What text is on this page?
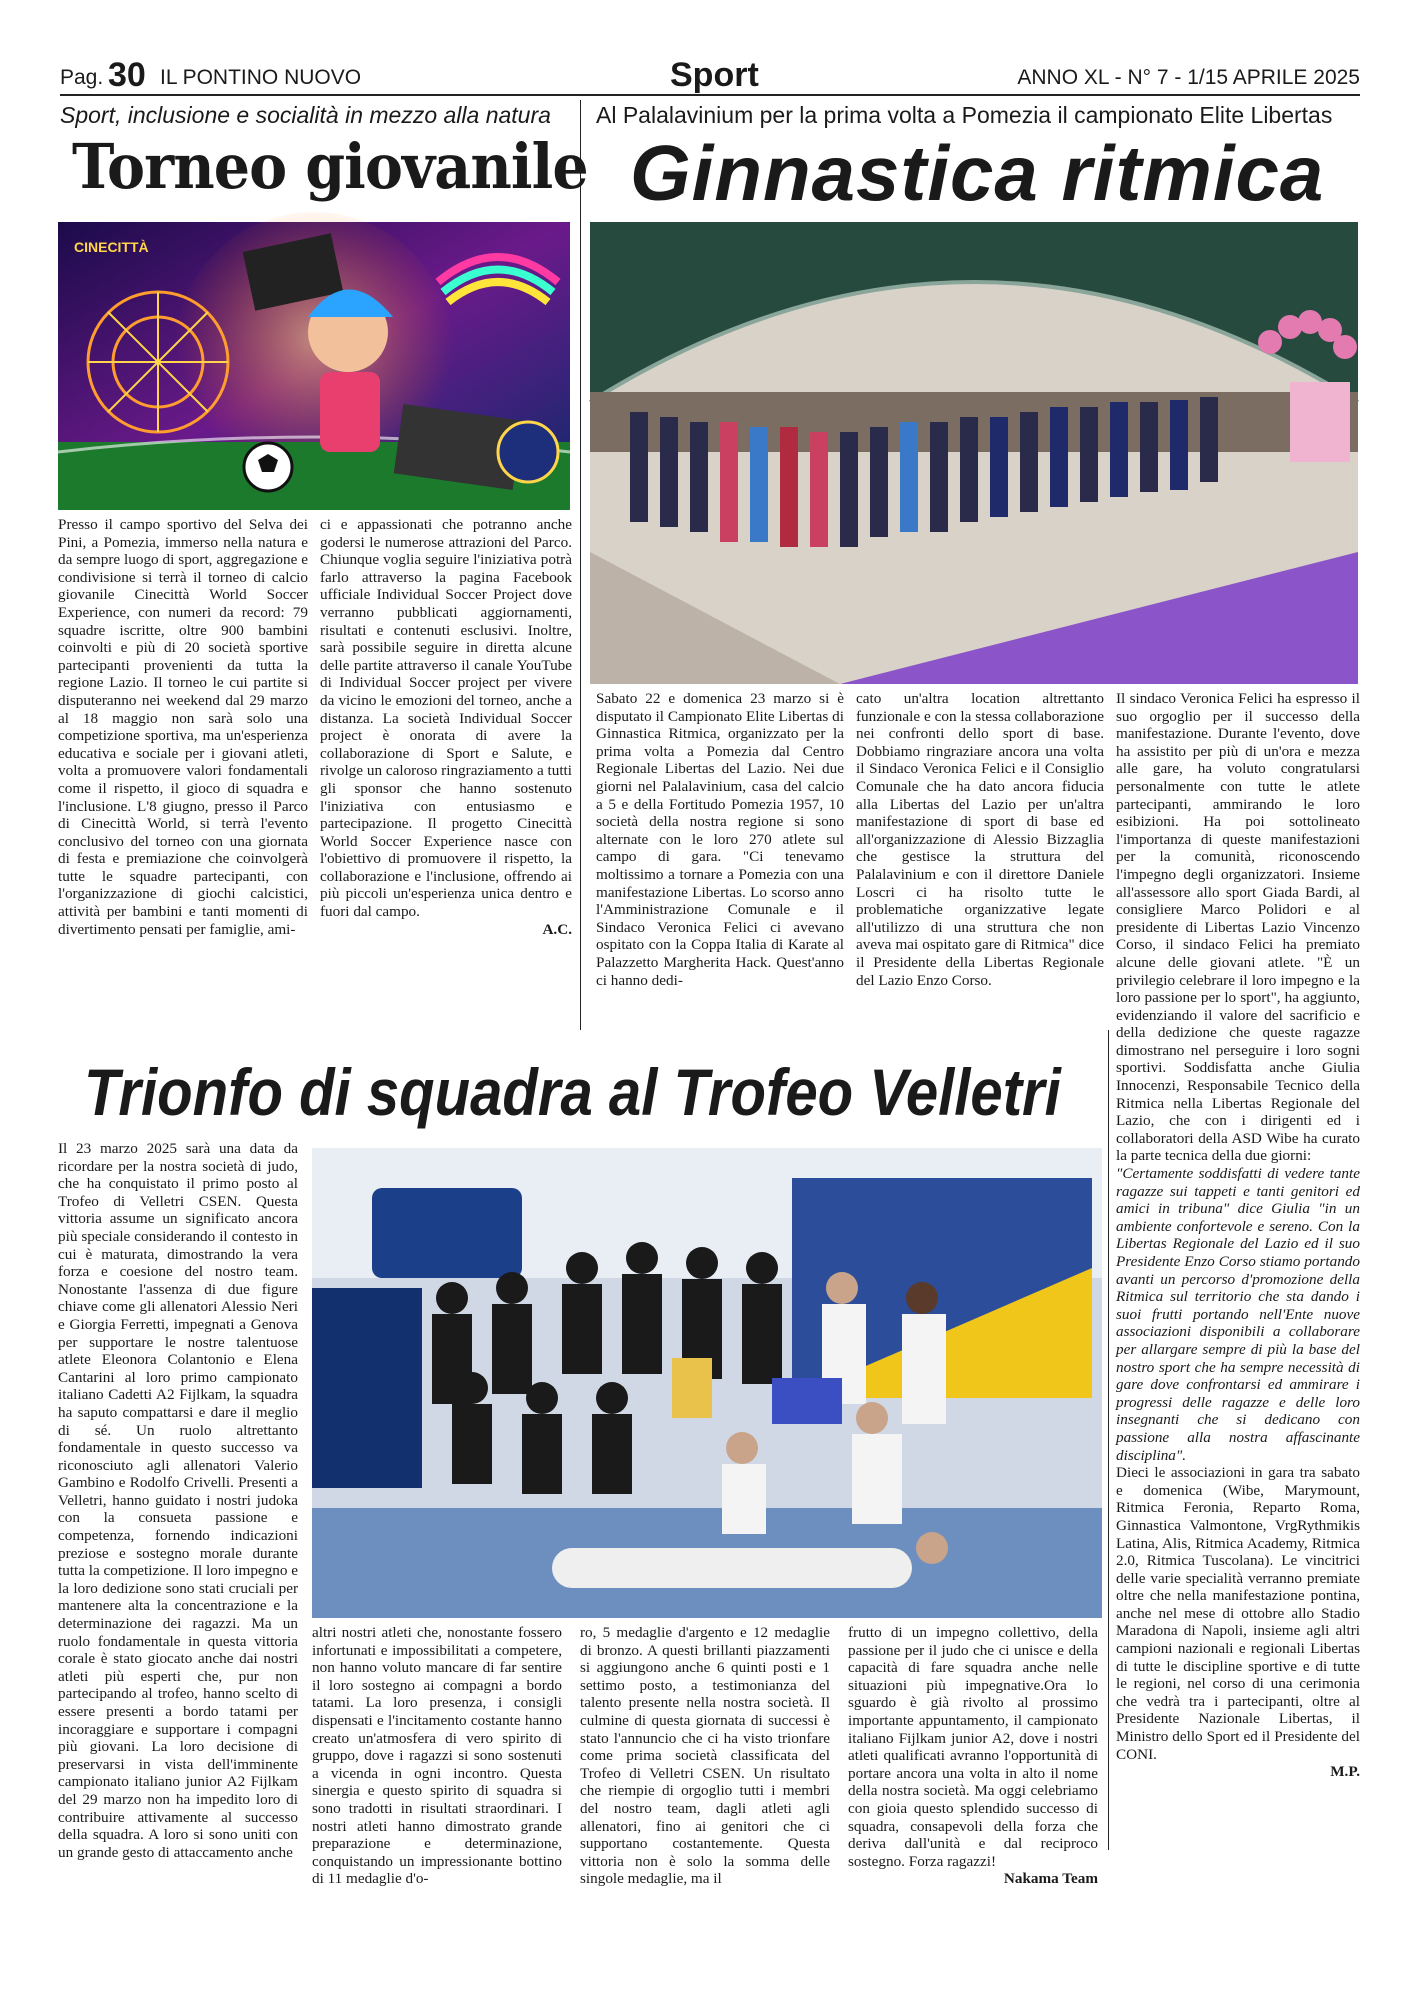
Pag. 30 IL PONTINO NUOVO	Sport	ANNO XL - N° 7 - 1/15 APRILE 2025
Sport, inclusione e socialità in mezzo alla natura
Torneo giovanile
CINECITTÀ

Presso il campo sportivo del Selva dei Pini, a Pomezia, immerso nella natura e da sempre luogo di sport, aggregazione e condivisione si terrà il torneo di calcio giovanile Cinecittà World Soccer Experience, con numeri da record: 79 squadre iscritte, oltre 900 bambini coinvolti e più di 20 società sportive partecipanti provenienti da tutta la regione Lazio. Il torneo le cui partite si disputeranno nei weekend dal 29 marzo al 18 maggio non sarà solo una competizione sportiva, ma un'esperienza educativa e sociale per i giovani atleti, volta a promuovere valori fondamentali come il rispetto, il gioco di squadra e l'inclusione. L'8 giugno, presso il Parco di Cinecittà World, si terrà l'evento conclusivo del torneo con una giornata di festa e premiazione che coinvolgerà tutte le squadre partecipanti, con l'organizzazione di giochi calcistici, attività per bambini e tanti momenti di divertimento pensati per famiglie, ami-

ci e appassionati che potranno anche godersi le numerose attrazioni del Parco. Chiunque voglia seguire l'iniziativa potrà farlo attraverso la pagina Facebook ufficiale Individual Soccer Project dove verranno pubblicati aggiornamenti, risultati e contenuti esclusivi. Inoltre, sarà possibile seguire in diretta alcune delle partite attraverso il canale YouTube di Individual Soccer project per vivere da vicino le emozioni del torneo, anche a distanza. La società Individual Soccer project è onorata di avere la collaborazione di Sport e Salute, e rivolge un caloroso ringraziamento a tutti gli sponsor che hanno sostenuto l'iniziativa con entusiasmo e partecipazione. Il progetto Cinecittà World Soccer Experience nasce con l'obiettivo di promuovere il rispetto, la collaborazione e l'inclusione, offrendo ai più piccoli un'esperienza unica dentro e fuori dal campo.

A.C.

Al Palalavinium per la prima volta a Pomezia il campionato Elite Libertas
Ginnastica ritmica

Sabato 22 e domenica 23 marzo si è disputato il Campionato Elite Libertas di Ginnastica Ritmica, organizzato per la prima volta a Pomezia dal Centro Regionale Libertas del Lazio. Nei due giorni nel Palalavinium, casa del calcio a 5 e della Fortitudo Pomezia 1957, 10 società della nostra regione si sono alternate con le loro 270 atlete sul campo di gara. "Ci tenevamo moltissimo a tornare a Pomezia con una manifestazione Libertas. Lo scorso anno l'Amministrazione Comunale e il Sindaco Veronica Felici ci avevano ospitato con la Coppa Italia di Karate al Palazzetto Margherita Hack. Quest'anno ci hanno dedi-

cato un'altra location altrettanto funzionale e con la stessa collaborazione nei confronti dello sport di base. Dobbiamo ringraziare ancora una volta il Sindaco Veronica Felici e il Consiglio Comunale che ha dato ancora fiducia alla Libertas del Lazio per un'altra manifestazione di sport di base ed all'organizzazione di Alessio Bizzaglia che gestisce la struttura del Palalavinium e con il direttore Daniele Loscri ci ha risolto tutte le problematiche organizzative legate all'utilizzo di una struttura che non aveva mai ospitato gare di Ritmica" dice il Presidente della Libertas Regionale del Lazio Enzo Corso.

Il sindaco Veronica Felici ha espresso il suo orgoglio per il successo della manifestazione. Durante l'evento, dove ha assistito per più di un'ora e mezza alle gare, ha voluto congratularsi personalmente con tutte le atlete partecipanti, ammirando le loro esibizioni. Ha poi sottolineato l'importanza di queste manifestazioni per la comunità, riconoscendo l'impegno degli organizzatori. Insieme all'assessore allo sport Giada Bardi, al consigliere Marco Polidori e al presidente di Libertas Lazio Vincenzo Corso, il sindaco Felici ha premiato alcune delle giovani atlete. "È un privilegio celebrare il loro impegno e la loro passione per lo sport", ha aggiunto, evidenziando il valore del sacrificio e della dedizione che queste ragazze dimostrano nel perseguire i loro sogni sportivi. Soddisfatta anche Giulia Innocenzi, Responsabile Tecnico della Ritmica nella Libertas Regionale del Lazio, che con i dirigenti ed i collaboratori della ASD Wibe ha curato la parte tecnica della due giorni:

"Certamente soddisfatti di vedere tante ragazze sui tappeti e tanti genitori ed amici in tribuna" dice Giulia "in un ambiente confortevole e sereno. Con la Libertas Regionale del Lazio ed il suo Presidente Enzo Corso stiamo portando avanti un percorso d'promozione della Ritmica sul territorio che sta dando i suoi frutti portando nell'Ente nuove associazioni disponibili a collaborare per allargare sempre di più la base del nostro sport che ha sempre necessità di gare dove confrontarsi ed ammirare i progressi delle ragazze e delle loro insegnanti che si dedicano con passione alla nostra affascinante disciplina".

Dieci le associazioni in gara tra sabato e domenica (Wibe, Marymount, Ritmica Feronia, Reparto Roma, Ginnastica Valmontone, VrgRythmikis Latina, Alis, Ritmica Academy, Ritmica 2.0, Ritmica Tuscolana). Le vincitrici delle varie specialità verranno premiate oltre che nella manifestazione pontina, anche nel mese di ottobre allo Stadio Maradona di Napoli, insieme agli altri campioni nazionali e regionali Libertas di tutte le discipline sportive e di tutte le regioni, nel corso di una cerimonia che vedrà tra i partecipanti, oltre al Presidente Nazionale Libertas, il Ministro dello Sport ed il Presidente del CONI.

M.P.

Trionfo di squadra al Trofeo Velletri

Il 23 marzo 2025 sarà una data da ricordare per la nostra società di judo, che ha conquistato il primo posto al Trofeo di Velletri CSEN. Questa vittoria assume un significato ancora più speciale considerando il contesto in cui è maturata, dimostrando la vera forza e coesione del nostro team. Nonostante l'assenza di due figure chiave come gli allenatori Alessio Neri e Giorgia Ferretti, impegnati a Genova per supportare le nostre talentuose atlete Eleonora Colantonio e Elena Cantarini al loro primo campionato italiano Cadetti A2 Fijlkam, la squadra ha saputo compattarsi e dare il meglio di sé. Un ruolo altrettanto fondamentale in questo successo va riconosciuto agli allenatori Valerio Gambino e Rodolfo Crivelli. Presenti a Velletri, hanno guidato i nostri judoka con la consueta passione e competenza, fornendo indicazioni preziose e sostegno morale durante tutta la competizione. Il loro impegno e la loro dedizione sono stati cruciali per mantenere alta la concentrazione e la determinazione dei ragazzi. Ma un ruolo fondamentale in questa vittoria corale è stato giocato anche dai nostri atleti più esperti che, pur non partecipando al trofeo, hanno scelto di essere presenti a bordo tatami per incoraggiare e supportare i compagni più giovani. La loro decisione di preservarsi in vista dell'imminente campionato italiano junior A2 Fijlkam del 29 marzo non ha impedito loro di contribuire attivamente al successo della squadra. A loro si sono uniti con un grande gesto di attaccamento anche

altri nostri atleti che, nonostante fossero infortunati e impossibilitati a competere, non hanno voluto mancare di far sentire il loro sostegno ai compagni a bordo tatami. La loro presenza, i consigli dispensati e l'incitamento costante hanno creato un'atmosfera di vero spirito di gruppo, dove i ragazzi si sono sostenuti a vicenda in ogni incontro. Questa sinergia e questo spirito di squadra si sono tradotti in risultati straordinari. I nostri atleti hanno dimostrato grande preparazione e determinazione, conquistando un impressionante bottino di 11 medaglie d'o-

ro, 5 medaglie d'argento e 12 medaglie di bronzo. A questi brillanti piazzamenti si aggiungono anche 6 quinti posti e 1 settimo posto, a testimonianza del talento presente nella nostra società. Il culmine di questa giornata di successi è stato l'annuncio che ci ha visto trionfare come prima società classificata del Trofeo di Velletri CSEN. Un risultato che riempie di orgoglio tutti i membri del nostro team, dagli atleti agli allenatori, fino ai genitori che ci supportano costantemente. Questa vittoria non è solo la somma delle singole medaglie, ma il

frutto di un impegno collettivo, della passione per il judo che ci unisce e della capacità di fare squadra anche nelle situazioni più impegnative.Ora lo sguardo è già rivolto al prossimo importante appuntamento, il campionato italiano Fijlkam junior A2, dove i nostri atleti qualificati avranno l'opportunità di portare ancora una volta in alto il nome della nostra società. Ma oggi celebriamo con gioia questo splendido successo di squadra, consapevoli della forza che deriva dall'unità e dal reciproco sostegno. Forza ragazzi!

Nakama Team
